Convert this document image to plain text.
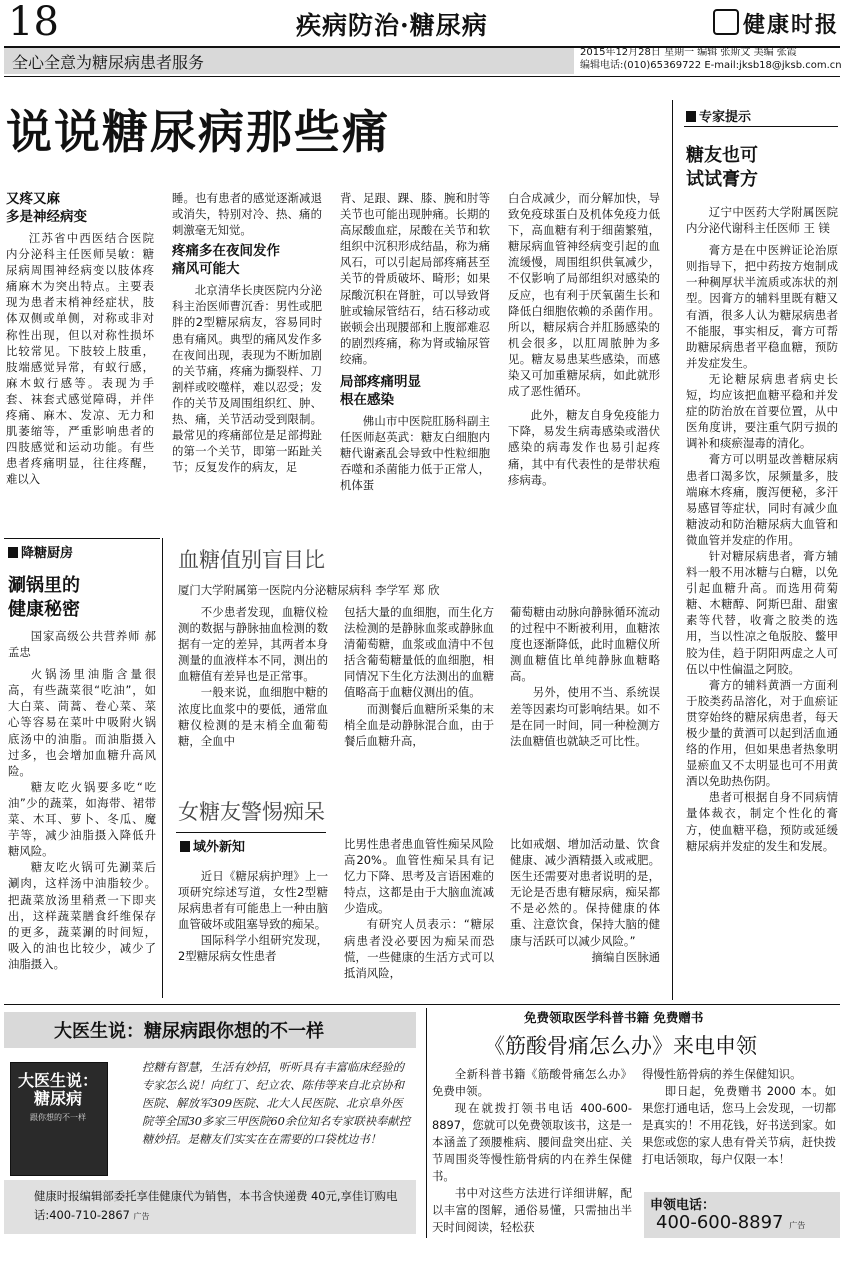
18	疾病防治·糖尿病	健康时报
全心全意为糖尿病患者服务
2015年12月28日 星期一 编辑 张斯文 美编 张霞
编辑电话:(010)65369722 E-mail:jksb18@jksb.com.cn
说说糖尿病那些痛
又疼又麻
多是神经病变

江苏省中西医结合医院内分泌科主任医师吴敏：糖尿病周围神经病变以肢体疼痛麻木为突出特点。主要表现为患者末梢神经症状，肢体双侧或单侧，对称或非对称性出现，但以对称性损坏比较常见。下肢较上肢重，肢端感觉异常，有蚁行感，麻木蚁行感等。表现为手套、袜套式感觉障碍，并伴疼痛、麻木、发凉、无力和肌萎缩等，严重影响患者的四肢感觉和运动功能。有些患者疼痛明显，往往疼醒，难以入

睡。也有患者的感觉逐渐减退或消失，特别对冷、热、痛的刺激毫无知觉。

疼痛多在夜间发作
痛风可能大

北京清华长庚医院内分泌科主治医师曹沉香：男性或肥胖的2型糖尿病友，容易同时患有痛风。典型的痛风发作多在夜间出现，表现为不断加剧的关节痛，疼痛为撕裂样、刀割样或咬噬样，难以忍受；发作的关节及周围组织红、肿、热、痛，关节活动受到限制。最常见的疼痛部位是足部拇趾的第一个关节，即第一跖趾关节；反复发作的病友，足

背、足跟、踝、膝、腕和肘等关节也可能出现肿痛。长期的高尿酸血症，尿酸在关节和软组织中沉积形成结晶，称为痛风石，可以引起局部疼痛甚至关节的骨质破坏、畸形；如果尿酸沉积在肾脏，可以导致肾脏或输尿管结石，结石移动或嵌顿会出现腰部和上腹部难忍的剧烈疼痛，称为肾或输尿管绞痛。

局部疼痛明显
根在感染

佛山市中医院肛肠科副主任医师赵英武：糖友白细胞内糖代谢紊乱会导致中性粒细胞吞噬和杀菌能力低于正常人，机体蛋

白合成减少，而分解加快，导致免疫球蛋白及机体免疫力低下，高血糖有利于细菌繁殖，糖尿病血管神经病变引起的血流缓慢，周围组织供氧减少，不仅影响了局部组织对感染的反应，也有利于厌氧菌生长和降低白细胞依赖的杀菌作用。所以，糖尿病合并肛肠感染的机会很多，以肛周脓肿为多见。糖友易患某些感染，而感染又可加重糖尿病，如此就形成了恶性循环。

此外，糖友自身免疫能力下降，易发生病毒感染或潜伏感染的病毒发作也易引起疼痛，其中有代表性的是带状疱疹病毒。

降糖厨房
涮锅里的
健康秘密

国家高级公共营养师 郝孟忠

火锅汤里油脂含量很高，有些蔬菜很“吃油”，如大白菜、茼蒿、卷心菜、菜心等容易在菜叶中吸附火锅底汤中的油脂。而油脂摄入过多，也会增加血糖升高风险。

糖友吃火锅要多吃“吃油”少的蔬菜，如海带、裙带菜、木耳、萝卜、冬瓜、魔芋等，减少油脂摄入降低升糖风险。

糖友吃火锅可先涮菜后涮肉，这样汤中油脂较少。把蔬菜放汤里稍煮一下即夹出，这样蔬菜膳食纤维保存的更多，蔬菜涮的时间短，吸入的油也比较少，减少了油脂摄入。

血糖值别盲目比
厦门大学附属第一医院内分泌糖尿病科 李学军 郑 欣

不少患者发现，血糖仪检测的数据与静脉抽血检测的数据有一定的差异，其两者本身测量的血液样本不同，测出的血糖值有差异也是正常事。

一般来说，血细胞中糖的浓度比血浆中的要低，通常血糖仪检测的是末梢全血葡萄糖，全血中

包括大量的血细胞，而生化方法检测的是静脉血浆或静脉血清葡萄糖，血浆或血清中不包括含葡萄糖量低的血细胞，相同情况下生化方法测出的血糖值略高于血糖仪测出的值。

而测餐后血糖所采集的末梢全血是动静脉混合血，由于餐后血糖升高，

葡萄糖由动脉向静脉循环流动的过程中不断被利用，血糖浓度也逐渐降低，此时血糖仪所测血糖值比单纯静脉血糖略高。

另外，使用不当、系统误差等因素均可影响结果。如不是在同一时间，同一种检测方法血糖值也就缺乏可比性。

女糖友警惕痴呆
域外新知

近日《糖尿病护理》上一项研究综述写道，女性2型糖尿病患者有可能患上一种由脑血管破坏或阻塞导致的痴呆。

国际科学小组研究发现，2型糖尿病女性患者

比男性患者患血管性痴呆风险高20%。血管性痴呆具有记忆力下降、思考及言语困难的特点，这都是由于大脑血流减少造成。

有研究人员表示：“糖尿病患者没必要因为痴呆而恐慌，一些健康的生活方式可以抵消风险，

比如戒烟、增加活动量、饮食健康、减少酒精摄入或戒肥。医生还需要对患者说明的是，无论是否患有糖尿病，痴呆都不是必然的。保持健康的体重、注意饮食，保持大脑的健康与活跃可以减少风险。”

摘编自医脉通

专家提示
糖友也可
试试膏方

辽宁中医药大学附属医院内分泌代谢科主任医师 王 镁

膏方是在中医辨证论治原则指导下，把中药按方炮制成一种稠厚状半流质或冻状的剂型。因膏方的辅料里既有糖又有酒，很多人认为糖尿病患者不能服，事实相反，膏方可帮助糖尿病患者平稳血糖，预防并发症发生。

无论糖尿病患者病史长短，均应该把血糖平稳和并发症的防治放在首要位置，从中医角度讲，要注重气阴亏损的调补和痰瘀湿毒的清化。

膏方可以明显改善糖尿病患者口渴多饮，尿频量多，肢端麻木疼痛，腹泻便秘，多汗易感冒等症状，同时有减少血糖波动和防治糖尿病大血管和微血管并发症的作用。

针对糖尿病患者，膏方辅料一般不用冰糖与白糖，以免引起血糖升高。而选用荷菊糖、木糖醇、阿斯巴甜、甜蜜素等代替，收膏之胶类的选用，当以性凉之龟版胶、鳖甲胶为佳，趋于阴阳两虚之人可伍以中性偏温之阿胶。

膏方的辅料黄酒一方面利于胶类药品溶化，对于血瘀证贯穿始终的糖尿病患者，每天极少量的黄酒可以起到活血通络的作用，但如果患者热象明显瘀血又不太明显也可不用黄酒以免助热伤阴。

患者可根据自身不同病情量体裁衣，制定个性化的膏方，使血糖平稳，预防或延缓糖尿病并发症的发生和发展。

大医生说：糖尿病跟你想的不一样
大医生说：糖尿病
跟你想的不一样
控糖有智慧，生活有妙招，听听具有丰富临床经验的专家怎么说！向红丁、纪立农、陈伟等来自北京协和医院、解放军309医院、北大人民医院、北京阜外医院等全国30多家三甲医院60余位知名专家联袂奉献控糖妙招。是糖友们实实在在需要的口袋枕边书！
健康时报编辑部委托享佳健康代为销售，本书含快递费 40元,享佳订购电话:400-710-2867 广告
免费领取医学科普书籍 免费赠书
《筋酸骨痛怎么办》来电申领

全新科普书籍《筋酸骨痛怎么办》免费申领。

现在就拨打领书电话 400-600-8897，您就可以免费领取该书，这是一本涵盖了颈腰椎病、腰间盘突出症、关节周围炎等慢性筋骨病的内在养生保健书。

书中对这些方法进行详细讲解，配以丰富的图解，通俗易懂，只需抽出半天时间阅读，轻松获

得慢性筋骨病的养生保健知识。

即日起，免费赠书 2000 本。如果您打通电话，您马上会发现，一切都是真实的！不用花钱，好书送到家。如果您或您的家人患有骨关节病，赶快拨打电话领取，每户仅限一本！

申领电话：
400-600-8897 广告
